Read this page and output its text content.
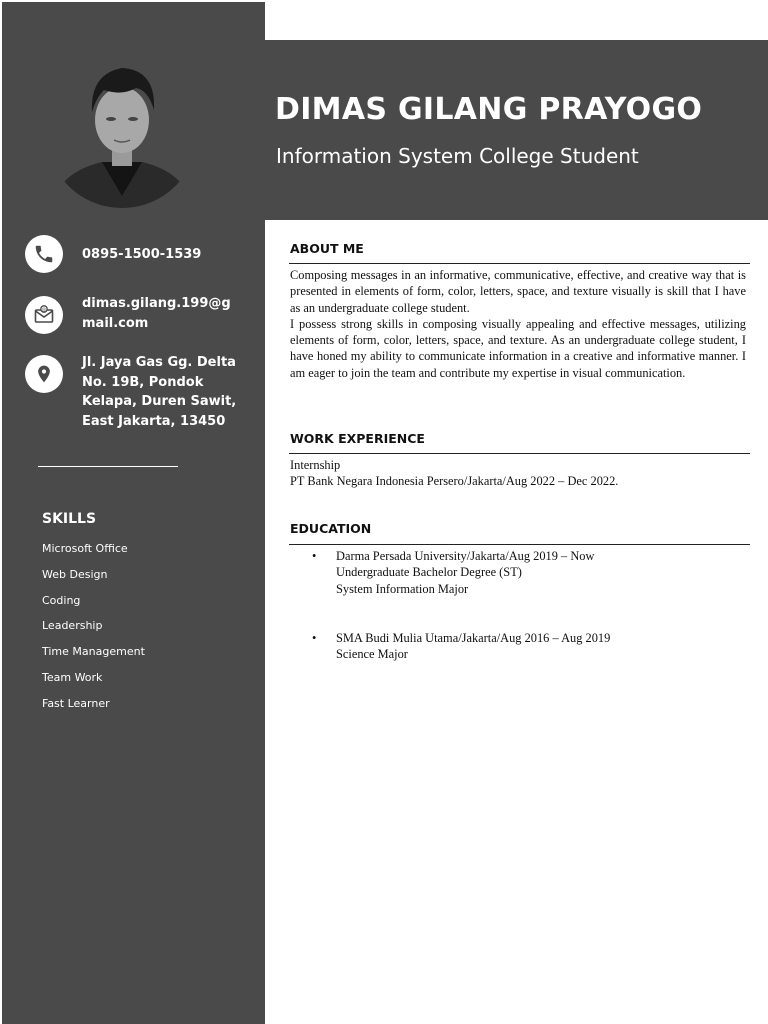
DIMAS GILANG PRAYOGO
Information System College Student
0895-1500-1539
@	dimas.gilang.199@g
mail.com
Jl. Jaya Gas Gg. Delta
No. 19B, Pondok
Kelapa, Duren Sawit,
East Jakarta, 13450
SKILLS
Microsoft Office
Web Design
Coding
Leadership
Time Management
Team Work
Fast Learner
ABOUT ME

Composing messages in an informative, communicative, effective, and creative way that is presented in elements of form, color, letters, space, and texture visually is skill that I have as an undergraduate college student.

I possess strong skills in composing visually appealing and effective messages, utilizing elements of form, color, letters, space, and texture. As an undergraduate college student, I have honed my ability to communicate information in a creative and informative manner. I am eager to join the team and contribute my expertise in visual communication.

WORK EXPERIENCE
Internship
PT Bank Negara Indonesia Persero/Jakarta/Aug 2022 – Dec 2022.
EDUCATION
• Darma Persada University/Jakarta/Aug 2019 – Now
Undergraduate Bachelor Degree (ST)
System Information Major
• SMA Budi Mulia Utama/Jakarta/Aug 2016 – Aug 2019
Science Major
